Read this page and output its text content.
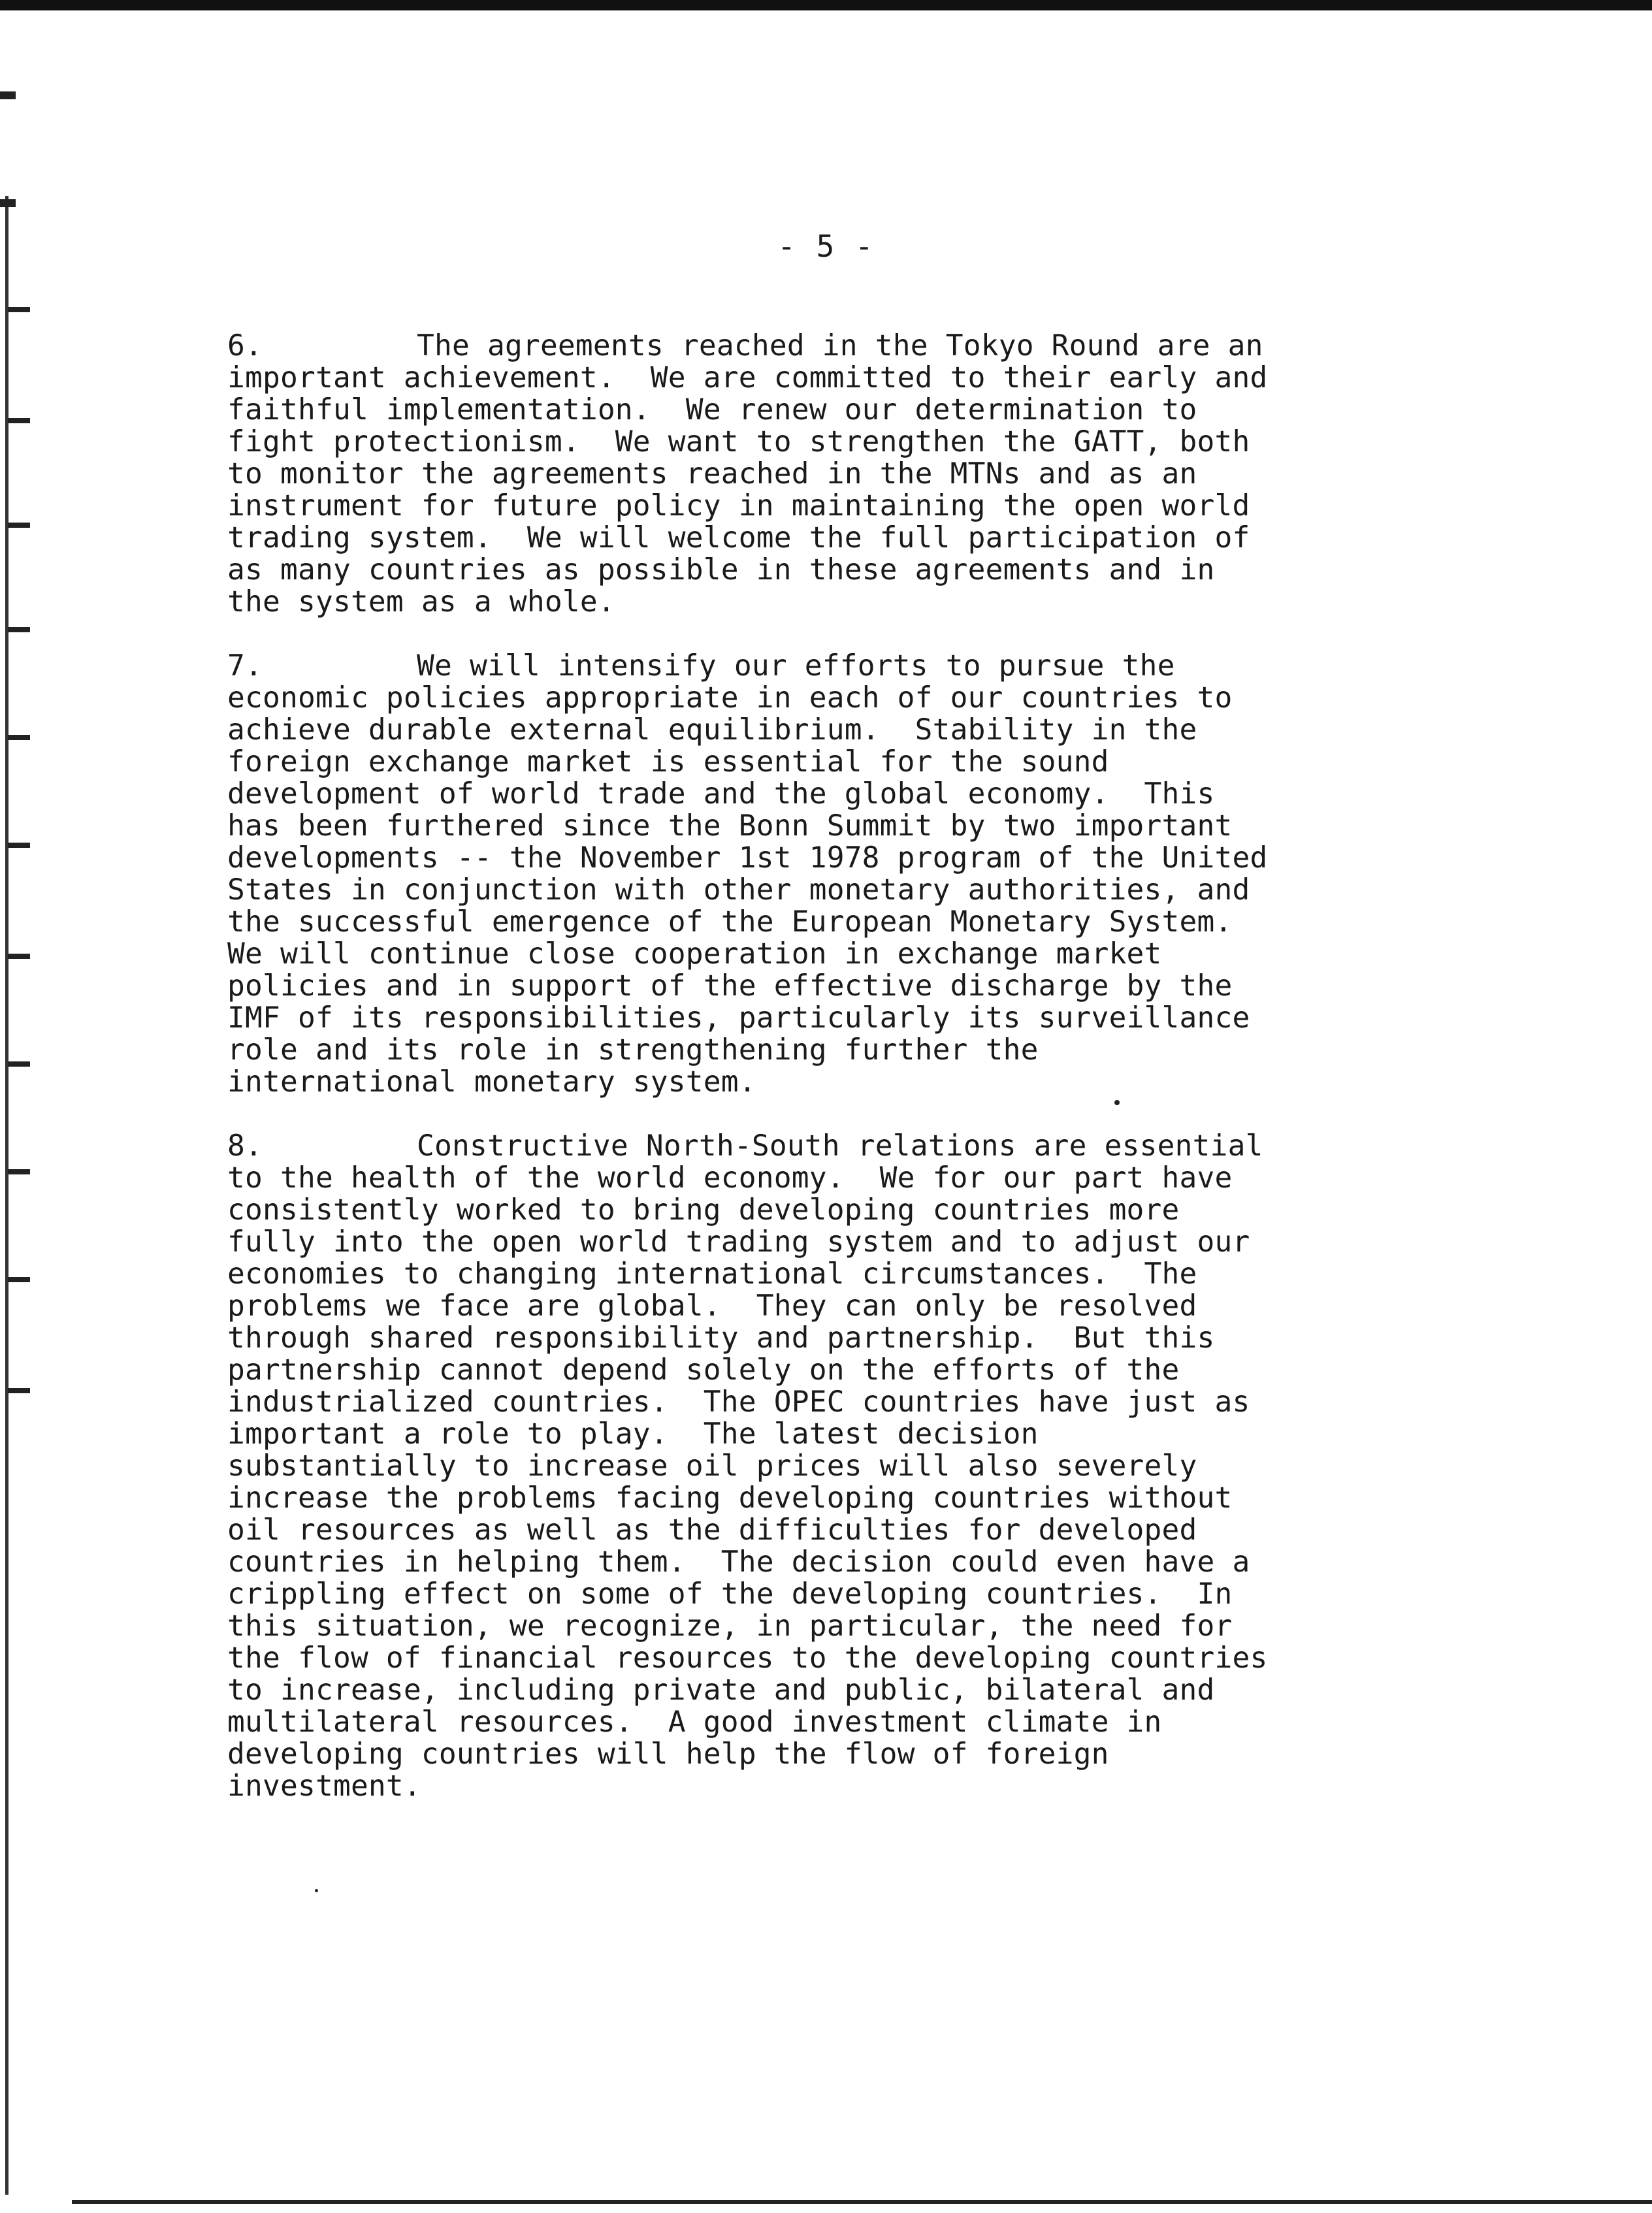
- 5 -
6.	The agreements reached in the Tokyo Round are an
important achievement.  We are committed to their early and
faithful implementation.  We renew our determination to
fight protectionism.  We want to strengthen the GATT, both
to monitor the agreements reached in the MTNs and as an
instrument for future policy in maintaining the open world
trading system.  We will welcome the full participation of
as many countries as possible in these agreements and in
the system as a whole.
7.	We will intensify our efforts to pursue the
economic policies appropriate in each of our countries to
achieve durable external equilibrium.  Stability in the
foreign exchange market is essential for the sound
development of world trade and the global economy.  This
has been furthered since the Bonn Summit by two important
developments -- the November 1st 1978 program of the United
States in conjunction with other monetary authorities, and
the successful emergence of the European Monetary System.
We will continue close cooperation in exchange market
policies and in support of the effective discharge by the
IMF of its responsibilities, particularly its surveillance
role and its role in strengthening further the
international monetary system.
8.	Constructive North-South relations are essential
to the health of the world economy.  We for our part have
consistently worked to bring developing countries more
fully into the open world trading system and to adjust our
economies to changing international circumstances.  The
problems we face are global.  They can only be resolved
through shared responsibility and partnership.  But this
partnership cannot depend solely on the efforts of the
industrialized countries.  The OPEC countries have just as
important a role to play.  The latest decision
substantially to increase oil prices will also severely
increase the problems facing developing countries without
oil resources as well as the difficulties for developed
countries in helping them.  The decision could even have a
crippling effect on some of the developing countries.  In
this situation, we recognize, in particular, the need for
the flow of financial resources to the developing countries
to increase, including private and public, bilateral and
multilateral resources.  A good investment climate in
developing countries will help the flow of foreign
investment.
